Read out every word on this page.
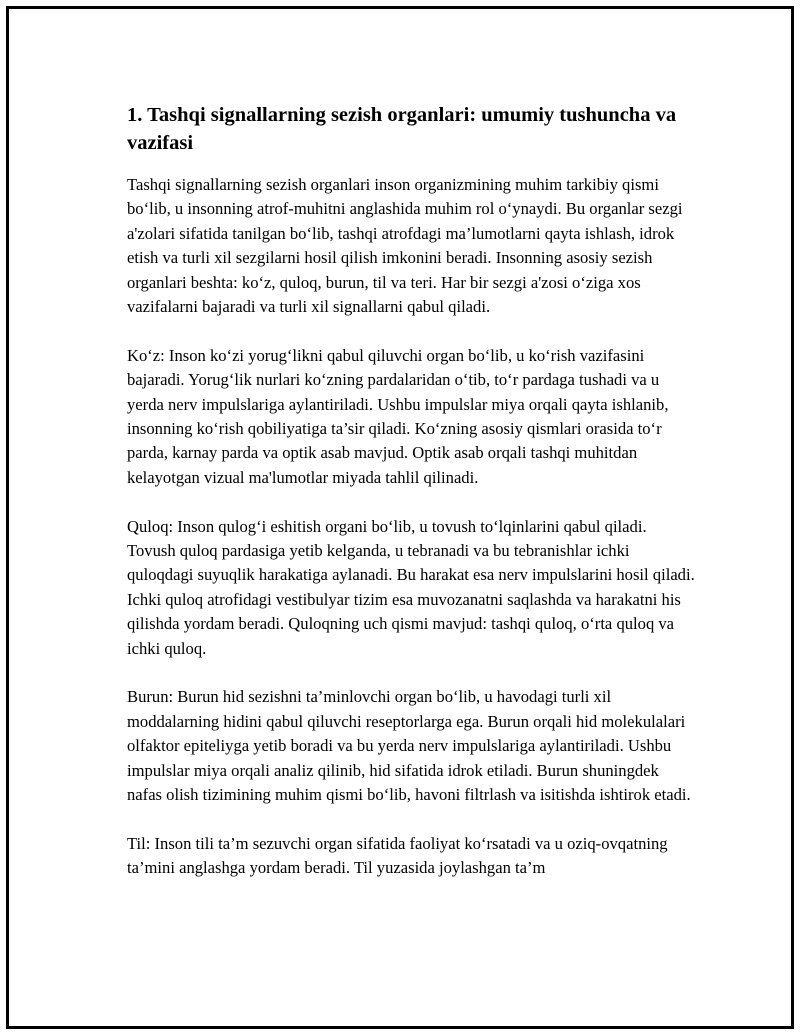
1. Tashqi signallarning sezish organlari: umumiy tushuncha va vazifasi

Tashqi signallarning sezish organlari inson organizmining muhim tarkibiy qismi bo‘lib, u insonning atrof-muhitni anglashida muhim rol o‘ynaydi. Bu organlar sezgi a'zolari sifatida tanilgan bo‘lib, tashqi atrofdagi ma’lumotlarni qayta ishlash, idrok etish va turli xil sezgilarni hosil qilish imkonini beradi. Insonning asosiy sezish organlari beshta: ko‘z, quloq, burun, til va teri. Har bir sezgi a'zosi o‘ziga xos vazifalarni bajaradi va turli xil signallarni qabul qiladi.

Ko‘z: Inson ko‘zi yorug‘likni qabul qiluvchi organ bo‘lib, u ko‘rish vazifasini bajaradi. Yorug‘lik nurlari ko‘zning pardalaridan o‘tib, to‘r pardaga tushadi va u yerda nerv impulslariga aylantiriladi. Ushbu impulslar miya orqali qayta ishlanib, insonning ko‘rish qobiliyatiga ta’sir qiladi. Ko‘zning asosiy qismlari orasida to‘r parda, karnay parda va optik asab mavjud. Optik asab orqali tashqi muhitdan kelayotgan vizual ma'lumotlar miyada tahlil qilinadi.

Quloq: Inson qulog‘i eshitish organi bo‘lib, u tovush to‘lqinlarini qabul qiladi. Tovush quloq pardasiga yetib kelganda, u tebranadi va bu tebranishlar ichki quloqdagi suyuqlik harakatiga aylanadi. Bu harakat esa nerv impulslarini hosil qiladi. Ichki quloq atrofidagi vestibulyar tizim esa muvozanatni saqlashda va harakatni his qilishda yordam beradi. Quloqning uch qismi mavjud: tashqi quloq, o‘rta quloq va ichki quloq.

Burun: Burun hid sezishni ta’minlovchi organ bo‘lib, u havodagi turli xil moddalarning hidini qabul qiluvchi reseptorlarga ega. Burun orqali hid molekulalari olfaktor epiteliyga yetib boradi va bu yerda nerv impulslariga aylantiriladi. Ushbu impulslar miya orqali analiz qilinib, hid sifatida idrok etiladi. Burun shuningdek nafas olish tizimining muhim qismi bo‘lib, havoni filtrlash va isitishda ishtirok etadi.

Til: Inson tili ta’m sezuvchi organ sifatida faoliyat ko‘rsatadi va u oziq-ovqatning ta’mini anglashga yordam beradi. Til yuzasida joylashgan ta’m
